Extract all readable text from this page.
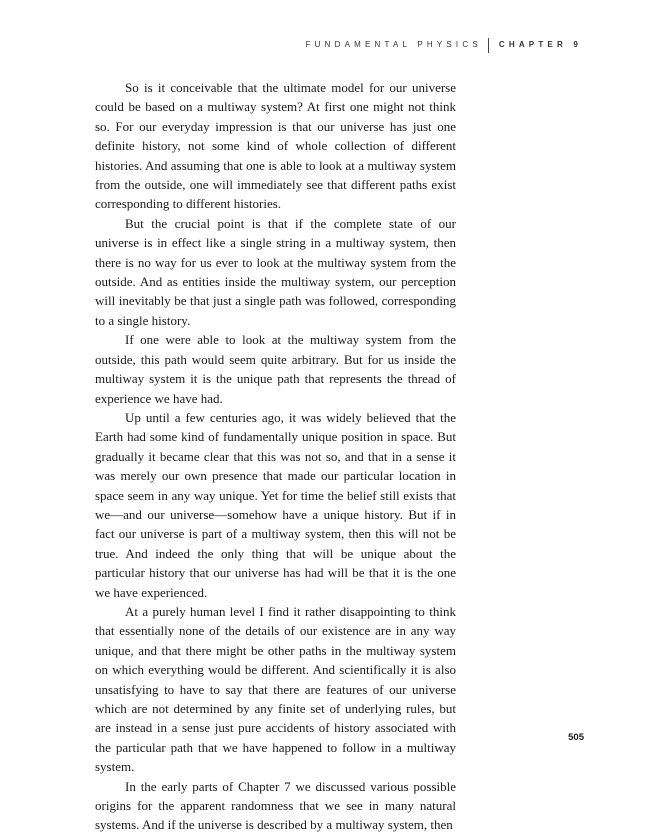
FUNDAMENTAL PHYSICS CHAPTER 9

So is it conceivable that the ultimate model for our universe could be based on a multiway system? At first one might not think so. For our everyday impression is that our universe has just one definite history, not some kind of whole collection of different histories. And assuming that one is able to look at a multiway system from the outside, one will immediately see that different paths exist corresponding to different histories.

But the crucial point is that if the complete state of our universe is in effect like a single string in a multiway system, then there is no way for us ever to look at the multiway system from the outside. And as entities inside the multiway system, our perception will inevitably be that just a single path was followed, corresponding to a single history.

If one were able to look at the multiway system from the outside, this path would seem quite arbitrary. But for us inside the multiway system it is the unique path that represents the thread of experience we have had.

Up until a few centuries ago, it was widely believed that the Earth had some kind of fundamentally unique position in space. But gradually it became clear that this was not so, and that in a sense it was merely our own presence that made our particular location in space seem in any way unique. Yet for time the belief still exists that we—and our universe—somehow have a unique history. But if in fact our universe is part of a multiway system, then this will not be true. And indeed the only thing that will be unique about the particular history that our universe has had will be that it is the one we have experienced.

At a purely human level I find it rather disappointing to think that essentially none of the details of our existence are in any way unique, and that there might be other paths in the multiway system on which everything would be different. And scientifically it is also unsatisfying to have to say that there are features of our universe which are not determined by any finite set of underlying rules, but are instead in a sense just pure accidents of history associated with the particular path that we have happened to follow in a multiway system.

In the early parts of Chapter 7 we discussed various possible origins for the apparent randomness that we see in many natural systems. And if the universe is described by a multiway system, then

505
